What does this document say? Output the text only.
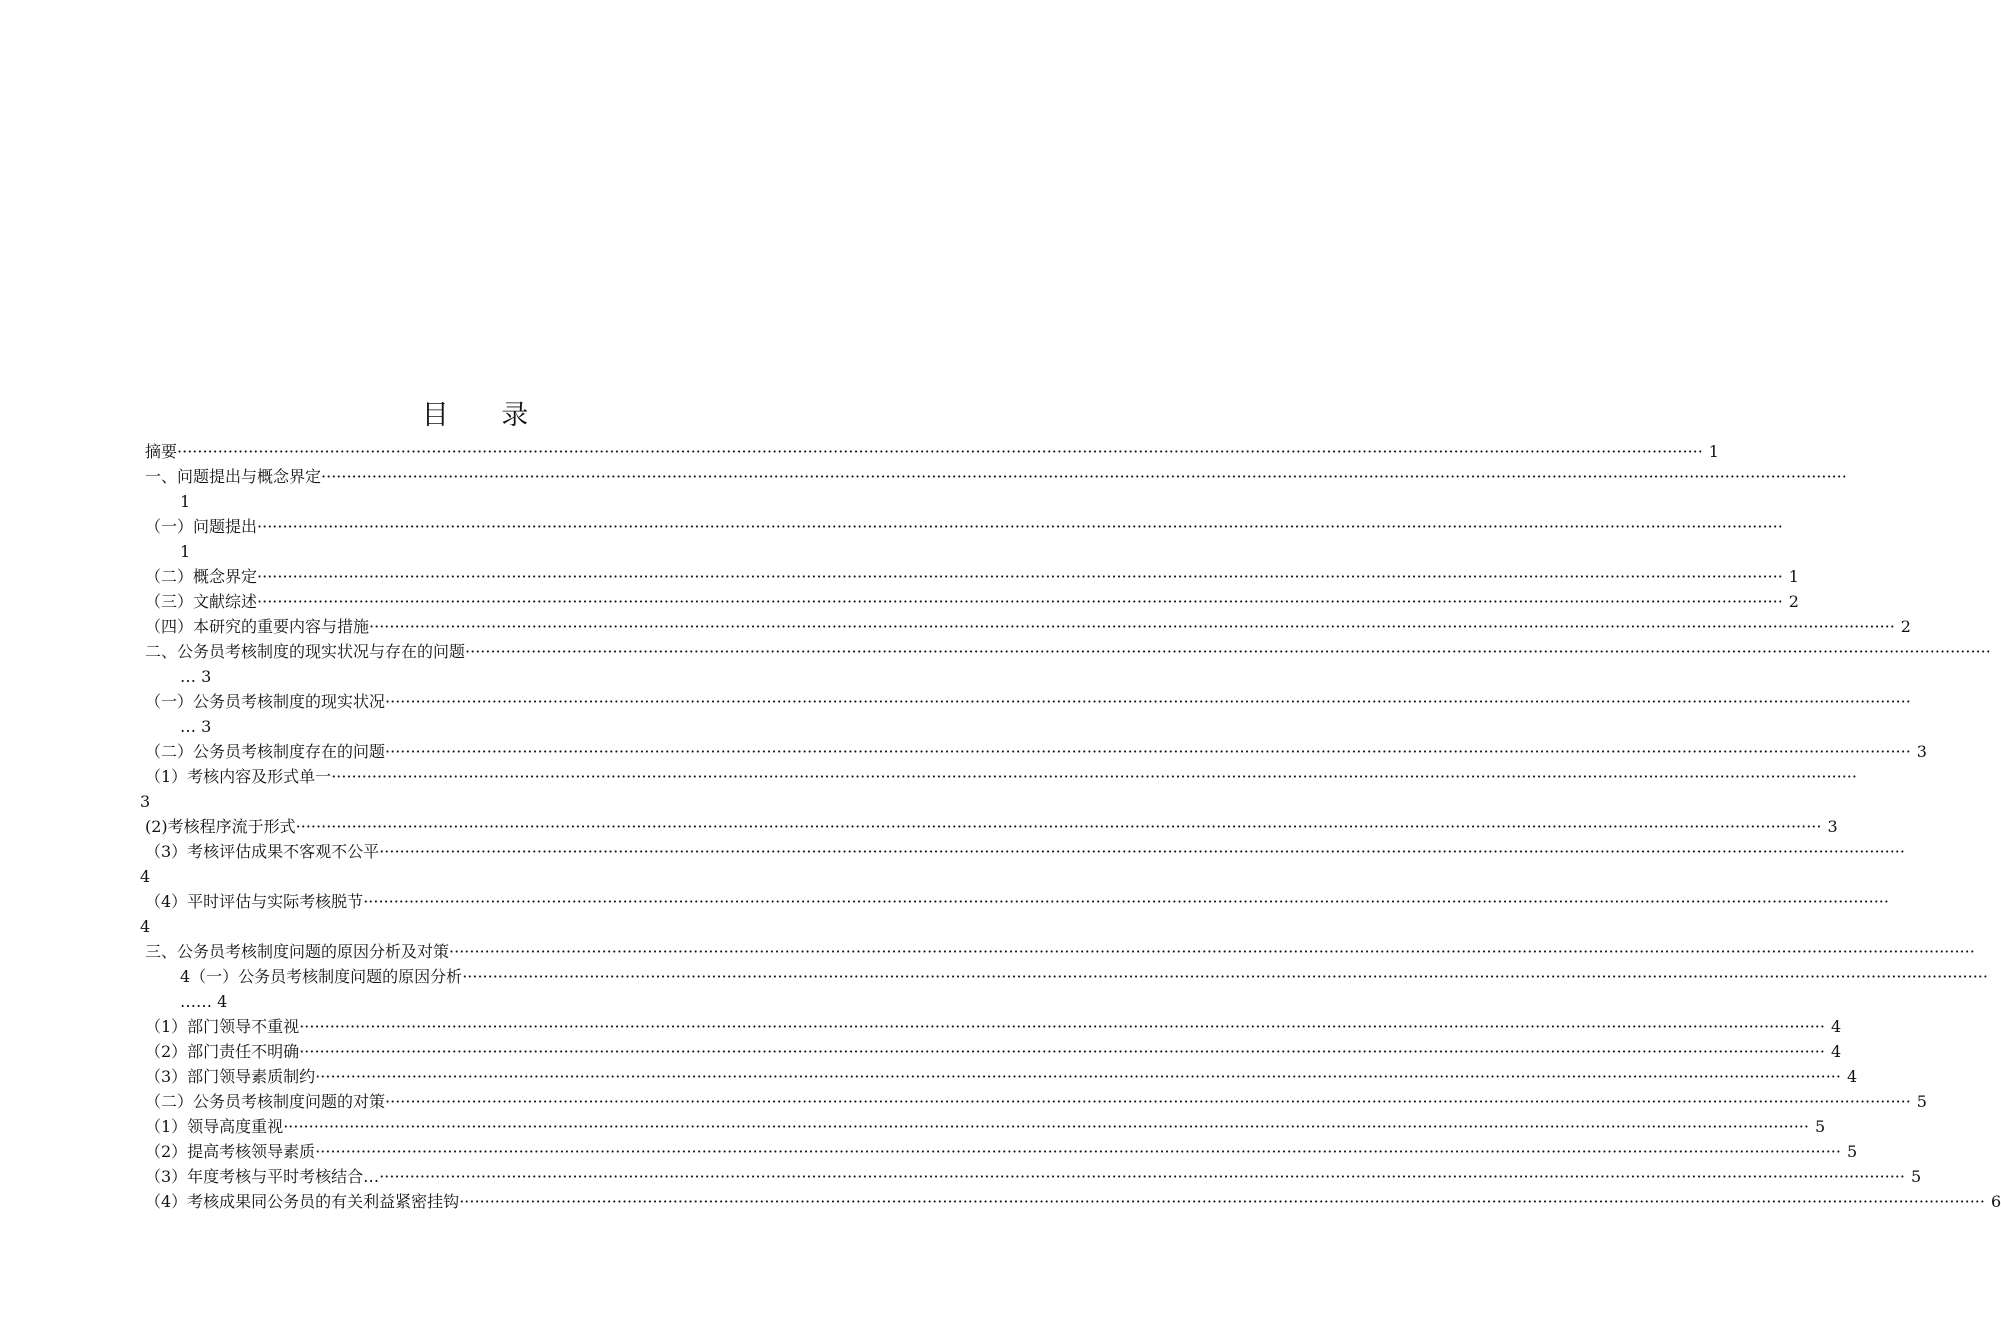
目 录
摘要 ············································································································································································································································································································ 1
一、问题提出与概念界定 ············································································································································································································································································································
1
（一）问题提出 ············································································································································································································································································································
1
（二）概念界定 ············································································································································································································································································································ 1
（三）文献综述 ············································································································································································································································································································ 2
（四）本研究的重要内容与措施 ············································································································································································································································································································ 2
二、公务员考核制度的现实状况与存在的问题 ············································································································································································································································································································
… 3
（一）公务员考核制度的现实状况 ············································································································································································································································································································
… 3
（二）公务员考核制度存在的问题 ············································································································································································································································································································ 3
（1）考核内容及形式单一 ············································································································································································································································································································
3
(2)考核程序流于形式 ············································································································································································································································································································ 3
（3）考核评估成果不客观不公平 ············································································································································································································································································································
4
（4）平时评估与实际考核脱节 ············································································································································································································································································································
4
三、公务员考核制度问题的原因分析及对策 ············································································································································································································································································································
4（一）公务员考核制度问题的原因分析 ············································································································································································································································································································
…… 4
（1）部门领导不重视 ············································································································································································································································································································ 4
（2）部门责任不明确 ············································································································································································································································································································ 4
（3）部门领导素质制约 ············································································································································································································································································································ 4
（二）公务员考核制度问题的对策 ············································································································································································································································································································ 5
（1）领导高度重视 ············································································································································································································································································································ 5
（2）提高考核领导素质 ············································································································································································································································································································ 5
（3）年度考核与平时考核结合… ············································································································································································································································································································ 5
（4）考核成果同公务员的有关利益紧密挂钩 ············································································································································································································································································································ 6
